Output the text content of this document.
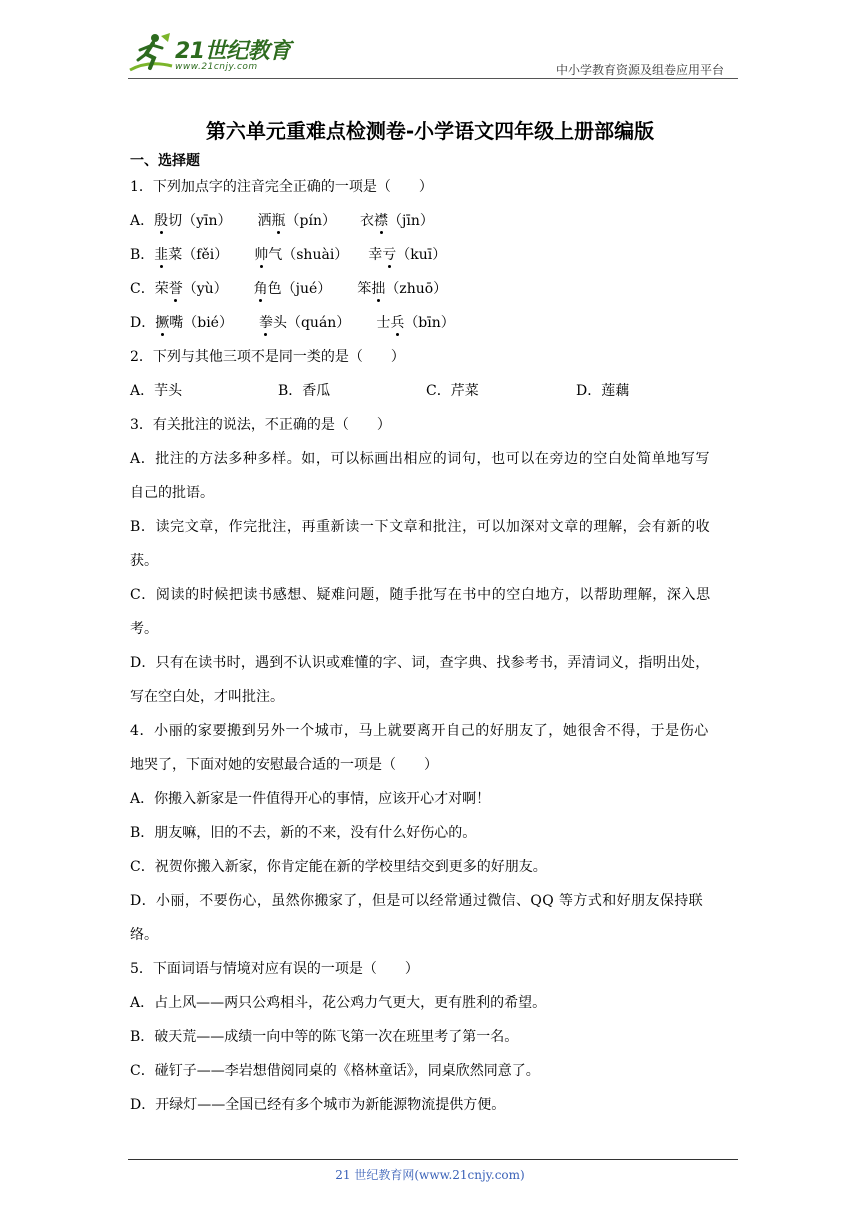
21世纪教育
www.21cnjy.com	中小学教育资源及组卷应用平台
第六单元重难点检测卷-小学语文四年级上册部编版
一、选择题
1．下列加点字的注音完全正确的一项是（　　）
A．殷切（yīn） 洒瓶（pín） 衣襟（jīn）
B．韭菜（fěi） 帅气（shuài） 幸亏（kuī）
C．荣誉（yù） 角色（jué） 笨拙（zhuō）
D．撅嘴（bié） 拳头（quán） 士兵（bīn）
2．下列与其他三项不是同一类的是（　　）
A．芋头	B．香瓜	C．芹菜	D．莲藕
3．有关批注的说法，不正确的是（　　）
A．批注的方法多种多样。如，可以标画出相应的词句，也可以在旁边的空白处简单地写写
自己的批语。
B．读完文章，作完批注，再重新读一下文章和批注，可以加深对文章的理解，会有新的收
获。
C．阅读的时候把读书感想、疑难问题，随手批写在书中的空白地方，以帮助理解，深入思
考。
D．只有在读书时，遇到不认识或难懂的字、词，查字典、找参考书，弄清词义，指明出处，
写在空白处，才叫批注。
4．小丽的家要搬到另外一个城市，马上就要离开自己的好朋友了，她很舍不得，于是伤心
地哭了，下面对她的安慰最合适的一项是（　　）
A．你搬入新家是一件值得开心的事情，应该开心才对啊！
B．朋友嘛，旧的不去，新的不来，没有什么好伤心的。
C．祝贺你搬入新家，你肯定能在新的学校里结交到更多的好朋友。
D．小丽，不要伤心，虽然你搬家了，但是可以经常通过微信、QQ 等方式和好朋友保持联
络。
5．下面词语与情境对应有误的一项是（　　）
A．占上风——两只公鸡相斗，花公鸡力气更大，更有胜利的希望。
B．破天荒——成绩一向中等的陈飞第一次在班里考了第一名。
C．碰钉子——李岩想借阅同桌的《格林童话》，同桌欣然同意了。
D．开绿灯——全国已经有多个城市为新能源物流提供方便。
21 世纪教育网(www.21cnjy.com)
